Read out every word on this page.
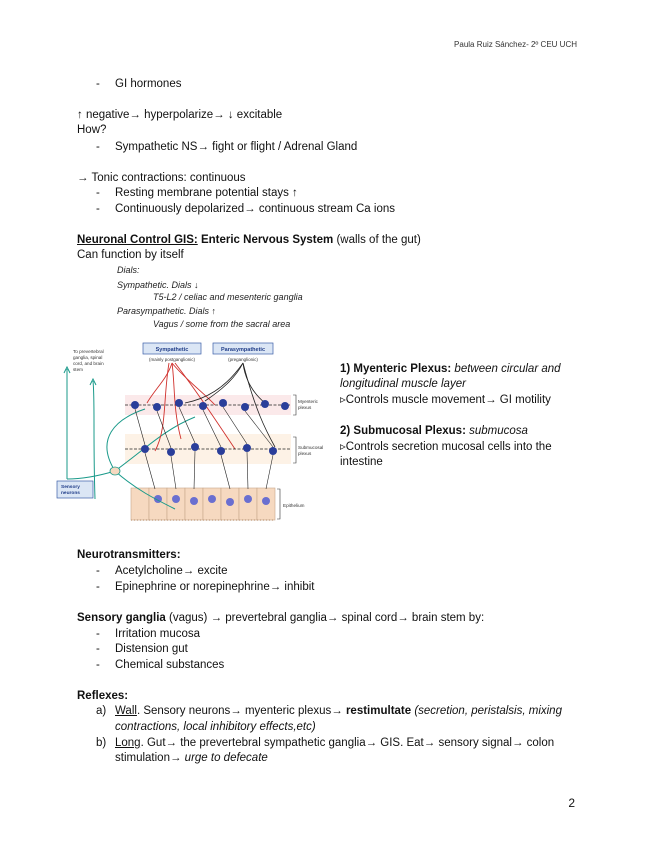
Paula Ruiz Sánchez- 2º CEU UCH
- GI hormones
↑ negative→ hyperpolarize→ ↓ excitable
How?
- Sympathetic NS→ fight or flight / Adrenal Gland
→ Tonic contractions: continuous
- Resting membrane potential stays ↑
- Continuously depolarized→ continuous stream Ca ions
Neuronal Control GIS: Enteric Nervous System (walls of the gut)
Can function by itself
Dials:
Sympathetic. Dials ↓
T5-L2 / celiac and mesenteric ganglia
Parasympathetic. Dials ↑
Vagus / some from the sacral area
Sympathetic
(mainly postganglionic)
Parasympathetic
(preganglionic)
To prevertebral
ganglia, spinal
cord, and brain
stem
Myenteric
plexus
Submucosal
plexus
Epithelium
Sensory
neurons
1) Myenteric Plexus: between circular and
longitudinal muscle layer
▹Controls muscle movement→ GI motility
2) Submucosal Plexus: submucosa
▹Controls secretion mucosal cells into the
intestine
Neurotransmitters:
- Acetylcholine→ excite
- Epinephrine or norepinephrine→ inhibit
Sensory ganglia (vagus) → prevertebral ganglia→ spinal cord→ brain stem by:
- Irritation mucosa
- Distension gut
- Chemical substances
Reflexes:
a) Wall. Sensory neurons→ myenteric plexus→ restimultate (secretion, peristalsis, mixing
contractions, local inhibitory effects,etc)
b) Long. Gut→ the prevertebral sympathetic ganglia→ GIS. Eat→ sensory signal→ colon
stimulation→ urge to defecate
2
